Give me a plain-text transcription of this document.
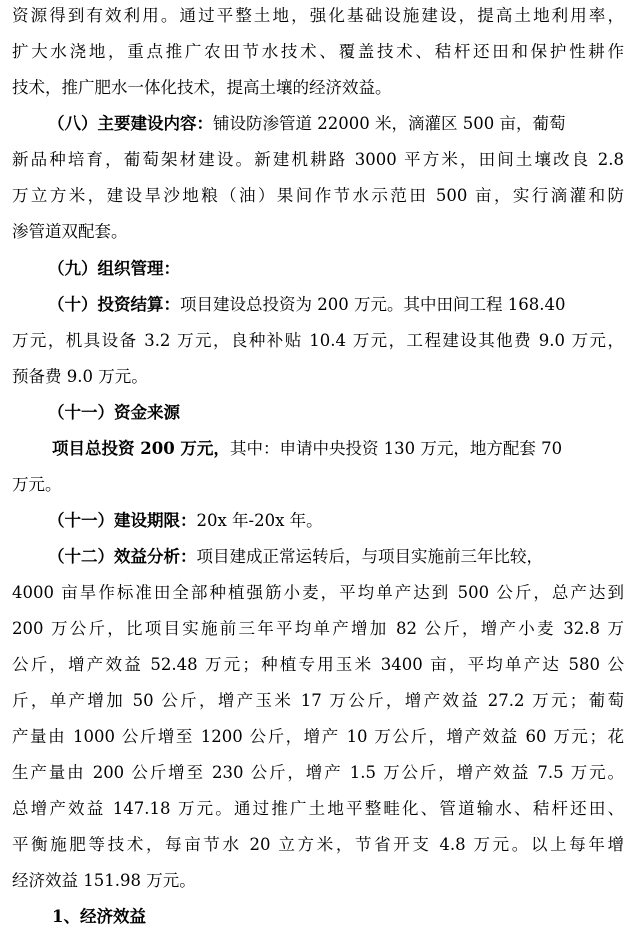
资源得到有效利用。通过平整土地，强化基础设施建设，提高土地利用率，
扩大水浇地，重点推广农田节水技术、覆盖技术、秸杆还田和保护性耕作
技术，推广肥水一体化技术，提高土壤的经济效益。
（八）主要建设内容：铺设防渗管道 22000 米，滴灌区 500 亩，葡萄
新品种培育，葡萄架材建设。新建机耕路 3000 平方米，田间土壤改良 2.8
万立方米，建设旱沙地粮（油）果间作节水示范田 500 亩，实行滴灌和防
渗管道双配套。
（九）组织管理：
（十）投资结算：项目建设总投资为 200 万元。其中田间工程 168.40
万元，机具设备 3.2 万元，良种补贴 10.4 万元，工程建设其他费 9.0 万元，
预备费 9.0 万元。
（十一）资金来源
项目总投资 200 万元，其中：申请中央投资 130 万元，地方配套 70
万元。
（十一）建设期限：20x 年-20x 年。
（十二）效益分析：项目建成正常运转后，与项目实施前三年比较，
4000 亩旱作标准田全部种植强筋小麦，平均单产达到 500 公斤，总产达到
200 万公斤，比项目实施前三年平均单产增加 82 公斤，增产小麦 32.8 万
公斤，增产效益 52.48 万元；种植专用玉米 3400 亩，平均单产达 580 公
斤，单产增加 50 公斤，增产玉米 17 万公斤，增产效益 27.2 万元；葡萄
产量由 1000 公斤增至 1200 公斤，增产 10 万公斤，增产效益 60 万元；花
生产量由 200 公斤增至 230 公斤，增产 1.5 万公斤，增产效益 7.5 万元。
总增产效益 147.18 万元。通过推广土地平整畦化、管道输水、秸杆还田、
平衡施肥等技术，每亩节水 20 立方米，节省开支 4.8 万元。以上每年增
经济效益 151.98 万元。
1、经济效益
